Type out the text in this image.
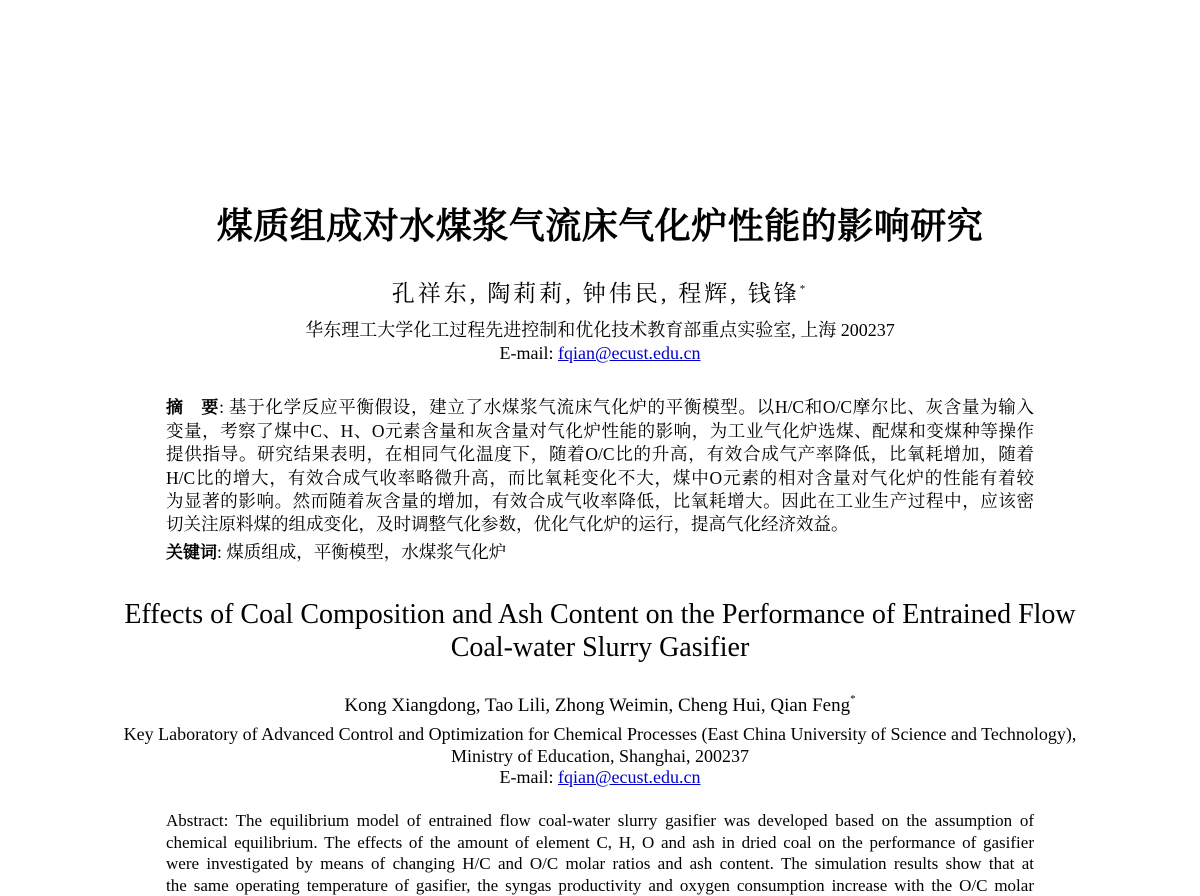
煤质组成对水煤浆气流床气化炉性能的影响研究
孔祥东, 陶莉莉, 钟伟民, 程辉, 钱锋*
华东理工大学化工过程先进控制和优化技术教育部重点实验室, 上海 200237
E-mail: fqian@ecust.edu.cn
摘　要: 基于化学反应平衡假设，建立了水煤浆气流床气化炉的平衡模型。以H/C和O/C摩尔比、灰含量为输入
变量，考察了煤中C、H、O元素含量和灰含量对气化炉性能的影响，为工业气化炉选煤、配煤和变煤种等操作
提供指导。研究结果表明，在相同气化温度下，随着O/C比的升高，有效合成气产率降低，比氧耗增加，随着
H/C比的增大，有效合成气收率略微升高，而比氧耗变化不大，煤中O元素的相对含量对气化炉的性能有着较
为显著的影响。然而随着灰含量的增加，有效合成气收率降低，比氧耗增大。因此在工业生产过程中，应该密
切关注原料煤的组成变化，及时调整气化参数，优化气化炉的运行，提高气化经济效益。
关键词: 煤质组成，平衡模型，水煤浆气化炉
Effects of Coal Composition and Ash Content on the Performance of Entrained Flow
Coal-water Slurry Gasifier
Kong Xiangdong, Tao Lili, Zhong Weimin, Cheng Hui, Qian Feng*
Key Laboratory of Advanced Control and Optimization for Chemical Processes (East China University of Science and Technology),
Ministry of Education, Shanghai, 200237
E-mail: fqian@ecust.edu.cn
Abstract: The equilibrium model of entrained flow coal-water slurry gasifier was developed based on the assumption of
chemical equilibrium. The effects of the amount of element C, H, O and ash in dried coal on the performance of gasifier
were investigated by means of changing H/C and O/C molar ratios and ash content. The simulation results show that at
the same operating temperature of gasifier, the syngas productivity and oxygen consumption increase with the O/C molar
